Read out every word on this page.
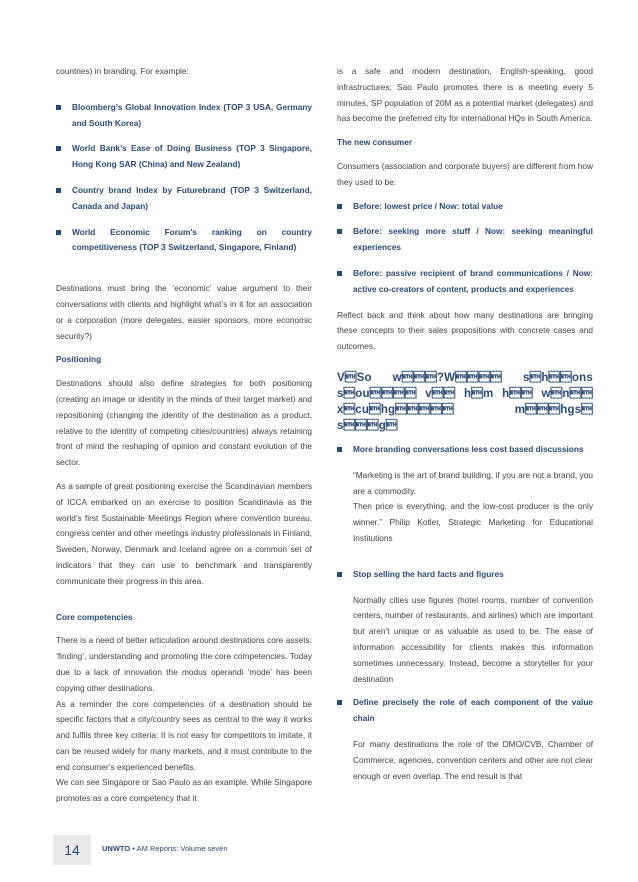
countries) in branding. For example:

Bloomberg’s Global Innovation Index (TOP 3 USA, Germany and South Korea)
World Bank’s Ease of Doing Business (TOP 3 Singapore, Hong Kong SAR (China) and New Zealand)
Country brand Index by Futurebrand (TOP 3 Switzerland, Canada and Japan)
World Economic Forum’s ranking on country competitiveness (TOP 3 Switzerland, Singapore, Finland)

Destinations must bring the ‘economic’ value argument to their conversations with clients and highlight what’s in it for an association or a corporation (more delegates, easier sponsors, more economic security?)

Positioning

Destinations should also define strategies for both positioning (creating an image or identity in the minds of their target market) and repositioning (changing the identity of the destination as a product, relative to the identity of competing cities/countries) always retaining front of mind the reshaping of opinion and constant evolution of the sector.

As a sample of great positioning exercise the Scandinavian members of ICCA embarked on an exercise to position Scandinavia as the world’s first Sustainable Meetings Region where convention bureau, congress center and other meetings industry professionals in Finland, Sweden, Norway, Denmark and Iceland agree on a common set of indicators that they can use to benchmark and transparently communicate their progress in this area.

Core competencies

There is a need of better articulation around destinations core assets: ‘finding’, understanding and promoting the core competencies. Today due to a lack of innovation the modus operandi ‘mode’ has been copying other destinations.

As a reminder the core competencies of a destination should be specific factors that a city/country sees as central to the way it works and fulfils three key criteria: It is not easy for competitors to imitate, it can be reused widely for many markets, and it must contribute to the end consumer’s experienced benefits.

We can see Singapore or Sao Paulo as an example. While Singapore promotes as a core competency that it

is a safe and modern destination, English-speaking, good infrastructures; Sao Paulo promotes there is a meeting every 5 minutes, SP population of 20M as a potential market (delegates) and has become the preferred city for international HQs in South America.

The new consumer

Consumers (association and corporate buyers) are different from how they used to be:

Before: lowest price / Now: total value
Before: seeking more stuff / Now: seeking meaningful experiences
Before: passive recipient of brand communications / Now: active co-creators of content, products and experiences

Reflect back and think about how many destinations are bringing these concepts to their sales propositions with concrete cases and outcomes.

VSo w?W shons sou v hm h wn xcuhg mhgs sg

More branding conversations less cost based discussions

“Marketing is the art of brand building, if you are not a brand, you are a commodity.

Then price is everything, and the low-cost producer is the only winner.” Philip Kotler, Strategic Marketing for Educational Institutions

Stop selling the hard facts and figures

Normally cities use figures (hotel rooms, number of convention centers, number of restaurants, and airlines) which are important but aren’t unique or as valuable as used to be. The ease of information accessibility for clients makes this information sometimes unnecessary. Instead, become a storyteller for your destination

Define precisely the role of each component of the value chain

For many destinations the role of the DMO/CVB, Chamber of Commerce, agencies, convention centers and other are not clear enough or even overlap. The end result is that

14	UNWTO • AM Reports: Volume seven
